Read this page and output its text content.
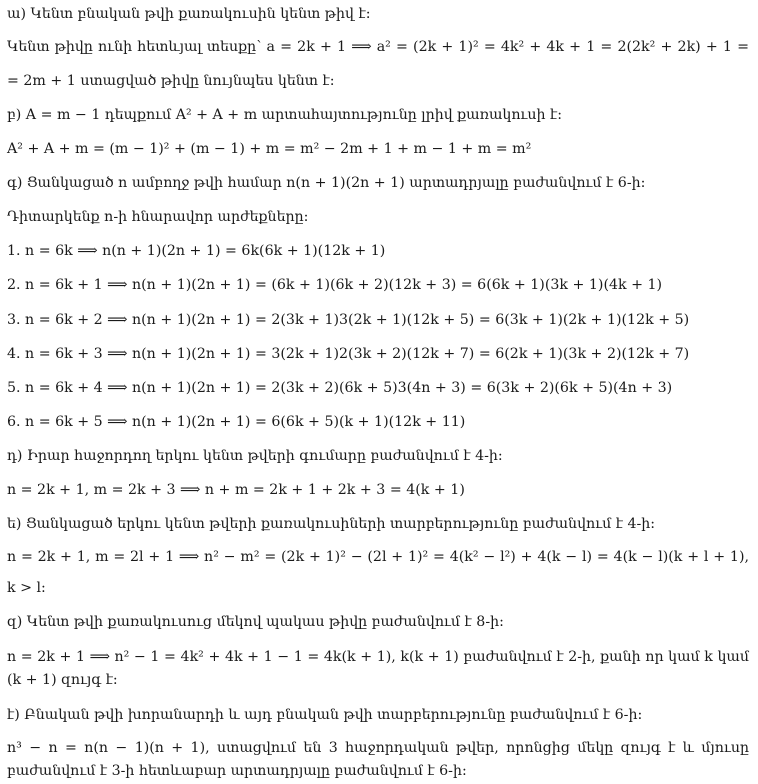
ա) Կենտ բնական թվի քառակուսին կենտ թիվ է:
Կենտ թիվը ունի հետևյալ տեսքը՝ a = 2k + 1 ⟹ a² = (2k + 1)² = 4k² + 4k + 1 = 2(2k² + 2k) + 1 =
= 2m + 1 ստացված թիվը նույնպես կենտ է:
բ) A = m − 1 դեպքում A² + A + m արտահայտությունը լրիվ քառակուսի է:
A² + A + m = (m − 1)² + (m − 1) + m = m² − 2m + 1 + m − 1 + m = m²
գ) Ցանկացած n ամբողջ թվի համար n(n + 1)(2n + 1) արտադրյալը բաժանվում է 6-ի:
Դիտարկենք n-ի հնարավոր արժեքները:
1. n = 6k ⟹ n(n + 1)(2n + 1) = 6k(6k + 1)(12k + 1)
2. n = 6k + 1 ⟹ n(n + 1)(2n + 1) = (6k + 1)(6k + 2)(12k + 3) = 6(6k + 1)(3k + 1)(4k + 1)
3. n = 6k + 2 ⟹ n(n + 1)(2n + 1) = 2(3k + 1)3(2k + 1)(12k + 5) = 6(3k + 1)(2k + 1)(12k + 5)
4. n = 6k + 3 ⟹ n(n + 1)(2n + 1) = 3(2k + 1)2(3k + 2)(12k + 7) = 6(2k + 1)(3k + 2)(12k + 7)
5. n = 6k + 4 ⟹ n(n + 1)(2n + 1) = 2(3k + 2)(6k + 5)3(4n + 3) = 6(3k + 2)(6k + 5)(4n + 3)
6. n = 6k + 5 ⟹ n(n + 1)(2n + 1) = 6(6k + 5)(k + 1)(12k + 11)
դ) Իրար հաջորդող երկու կենտ թվերի գումարը բաժանվում է 4-ի:
n = 2k + 1, m = 2k + 3 ⟹ n + m = 2k + 1 + 2k + 3 = 4(k + 1)
ե) Ցանկացած երկու կենտ թվերի քառակուսիների տարբերությունը բաժանվում է 4-ի:
n = 2k + 1, m = 2l + 1 ⟹ n² − m² = (2k + 1)² − (2l + 1)² = 4(k² − l²) + 4(k − l) = 4(k − l)(k + l + 1),
k > l:
զ) Կենտ թվի քառակուսուց մեկով պակաս թիվը բաժանվում է 8-ի:
n = 2k + 1 ⟹ n² − 1 = 4k² + 4k + 1 − 1 = 4k(k + 1), k(k + 1) բաժանվում է 2-ի, քանի որ կամ k կամ
(k + 1) զույգ է:
է) Բնական թվի խորանարդի և այդ բնական թվի տարբերությունը բաժանվում է 6-ի:
n³ − n = n(n − 1)(n + 1), ստացվում են 3 հաջորդական թվեր, որոնցից մեկը զույգ է և մյուսը
բաժանվում է 3-ի հետևաբար արտադրյալը բաժանվում է 6-ի:
